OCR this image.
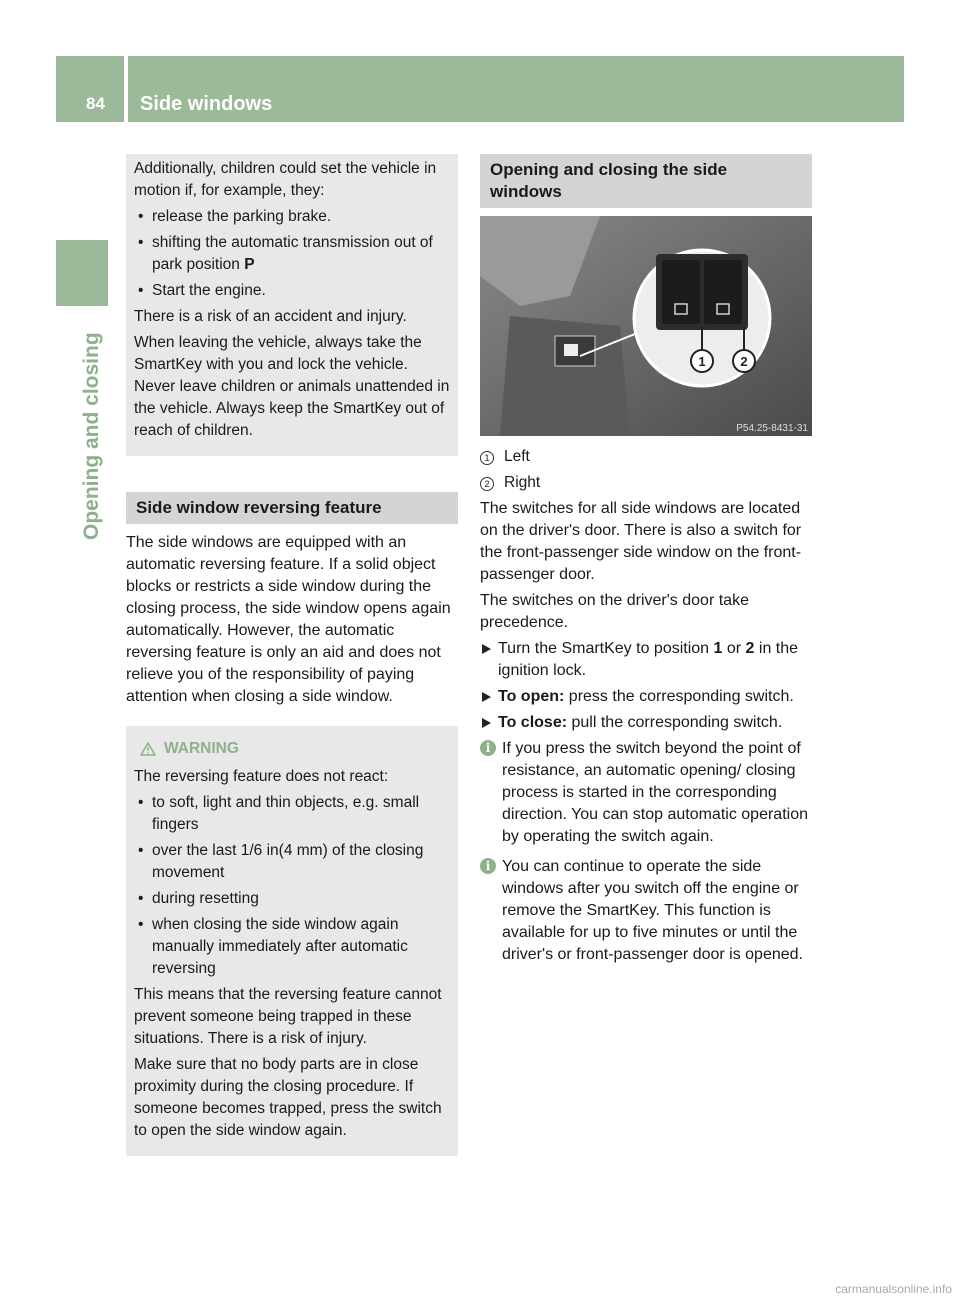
84 Side windows
Opening and closing

Additionally, children could set the vehicle in motion if, for example, they:

• release the parking brake.
• shifting the automatic transmission out of park position P
• Start the engine.

There is a risk of an accident and injury.

When leaving the vehicle, always take the SmartKey with you and lock the vehicle. Never leave children or animals unattended in the vehicle. Always keep the SmartKey out of reach of children.

Side window reversing feature

The side windows are equipped with an automatic reversing feature. If a solid object blocks or restricts a side window during the closing process, the side window opens again automatically. However, the automatic reversing feature is only an aid and does not relieve you of the responsibility of paying attention when closing a side window.

WARNING

The reversing feature does not react:

• to soft, light and thin objects, e.g. small fingers
• over the last 1/6 in(4 mm) of the closing movement
• during resetting
• when closing the side window again manually immediately after automatic reversing

This means that the reversing feature cannot prevent someone being trapped in these situations. There is a risk of injury.

Make sure that no body parts are in close proximity during the closing procedure. If someone becomes trapped, press the switch to open the side window again.

Opening and closing the side windows
1	2
P54.25-8431-31
1 Left
2 Right

The switches for all side windows are located on the driver's door. There is also a switch for the front-passenger side window on the front-passenger door.

The switches on the driver's door take precedence.

Turn the SmartKey to position 1 or 2 in the ignition lock.
To open: press the corresponding switch.
To close: pull the corresponding switch.
i If you press the switch beyond the point of resistance, an automatic opening/ closing process is started in the corresponding direction. You can stop automatic operation by operating the switch again.
i You can continue to operate the side windows after you switch off the engine or remove the SmartKey. This function is available for up to five minutes or until the driver's or front-passenger door is opened.
carmanualsonline.info
